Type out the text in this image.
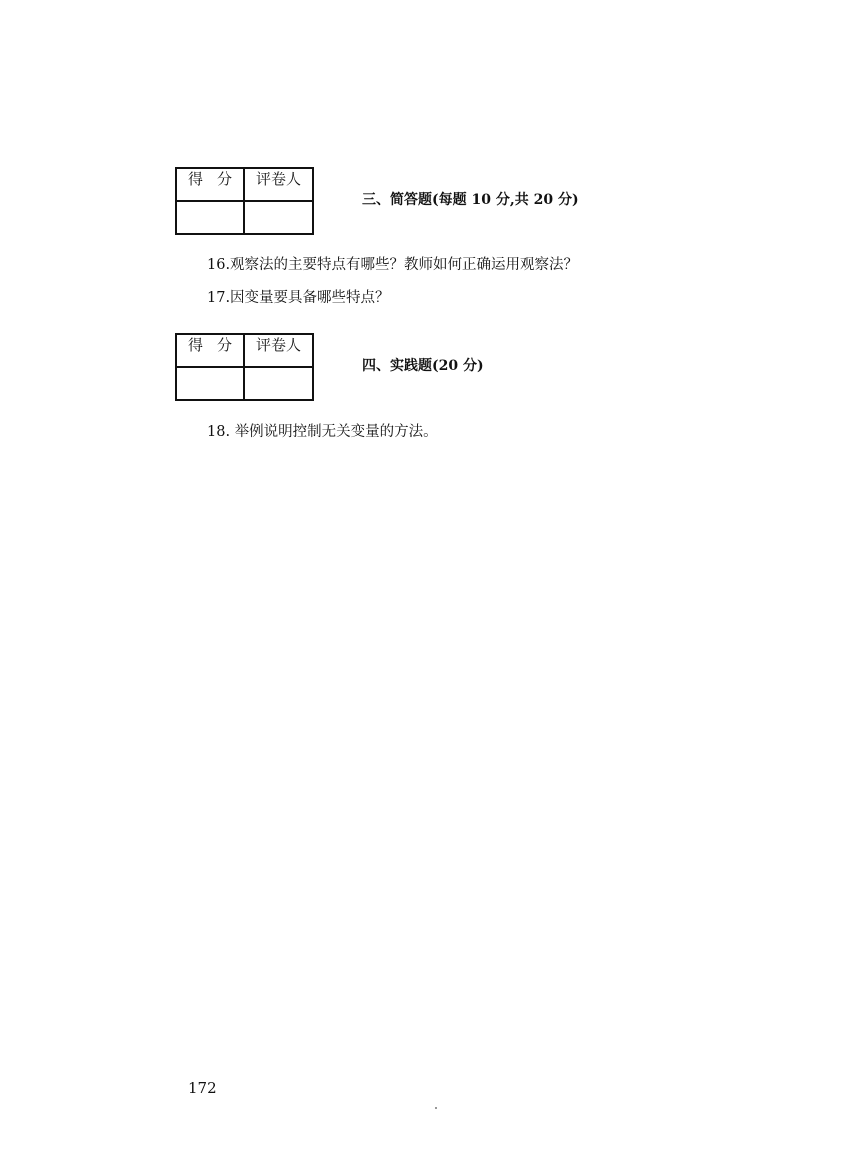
得分	评卷人

三、简答题(每题 10 分,共 20 分)
16.观察法的主要特点有哪些？教师如何正确运用观察法？
17.因变量要具备哪些特点？
得分	评卷人

四、实践题(20 分)
18. 举例说明控制无关变量的方法。
172
